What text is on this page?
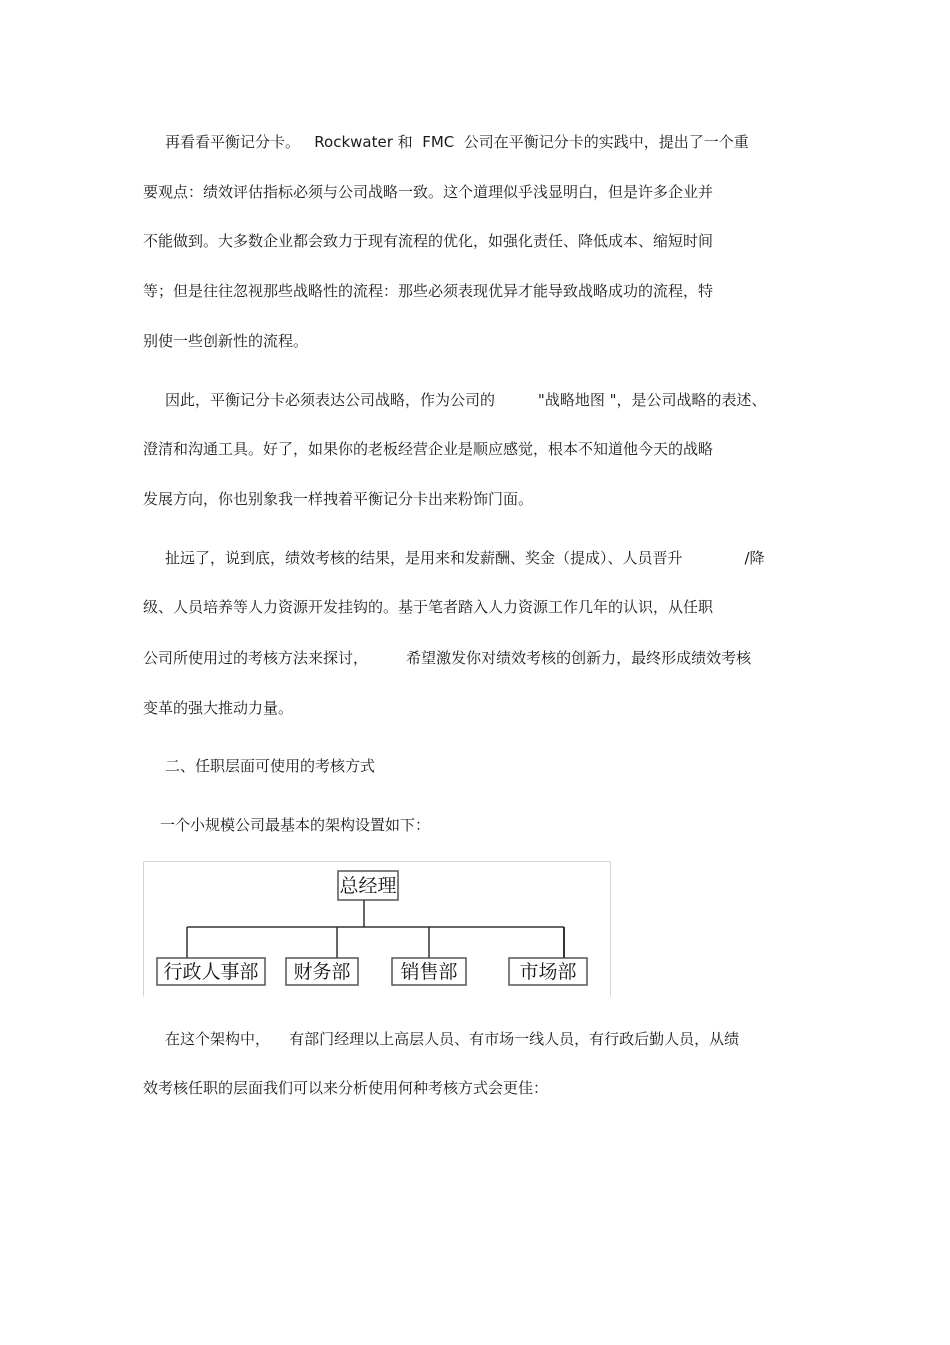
再看看平衡记分卡。   Rockwater 和  FMC  公司在平衡记分卡的实践中，提出了一个重

要观点：绩效评估指标必须与公司战略一致。这个道理似乎浅显明白，但是许多企业并

不能做到。大多数企业都会致力于现有流程的优化，如强化责任、降低成本、缩短时间

等；但是往往忽视那些战略性的流程：那些必须表现优异才能导致战略成功的流程，特

别使一些创新性的流程。

因此，平衡记分卡必须表达公司战略，作为公司的         "战略地图 "，是公司战略的表述、

澄清和沟通工具。好了，如果你的老板经营企业是顺应感觉，根本不知道他今天的战略

发展方向，你也别象我一样拽着平衡记分卡出来粉饰门面。

扯远了，说到底，绩效考核的结果，是用来和发薪酬、奖金（提成）、人员晋升             /降

级、人员培养等人力资源开发挂钩的。基于笔者踏入人力资源工作几年的认识，从任职

公司所使用过的考核方法来探讨，        希望激发你对绩效考核的创新力，最终形成绩效考核

变革的强大推动力量。

二、任职层面可使用的考核方式

一个小规模公司最基本的架构设置如下：

总经理
行政人事部 财务部	销售部	市场部

在这个架构中，    有部门经理以上高层人员、有市场一线人员，有行政后勤人员，从绩

效考核任职的层面我们可以来分析使用何种考核方式会更佳：
